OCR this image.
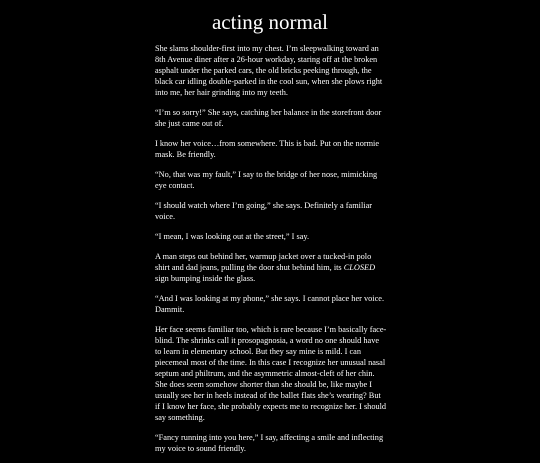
acting normal

She slams shoulder-first into my chest. I’m sleepwalking toward an 8th Avenue diner after a 26-hour workday, staring off at the broken asphalt under the parked cars, the old bricks peeking through, the black car idling double-parked in the cool sun, when she plows right into me, her hair grinding into my teeth.

“I’m so sorry!” She says, catching her balance in the storefront door she just came out of.

I know her voice…from somewhere. This is bad. Put on the normie mask. Be friendly.

“No, that was my fault,” I say to the bridge of her nose, mimicking eye contact.

“I should watch where I’m going,” she says. Definitely a familiar voice.

“I mean, I was looking out at the street,” I say.

A man steps out behind her, warmup jacket over a tucked-in polo shirt and dad jeans, pulling the door shut behind him, its CLOSED sign bumping inside the glass.

“And I was looking at my phone,” she says. I cannot place her voice. Dammit.

Her face seems familiar too, which is rare because I’m basically face-blind. The shrinks call it prosopagnosia, a word no one should have to learn in elementary school. But they say mine is mild. I can piecemeal most of the time. In this case I recognize her unusual nasal septum and philtrum, and the asymmetric almost-cleft of her chin. She does seem somehow shorter than she should be, like maybe I usually see her in heels instead of the ballet flats she’s wearing? But if I know her face, she probably expects me to recognize her. I should say something.

“Fancy running into you here,” I say, affecting a smile and inflecting my voice to sound friendly.
